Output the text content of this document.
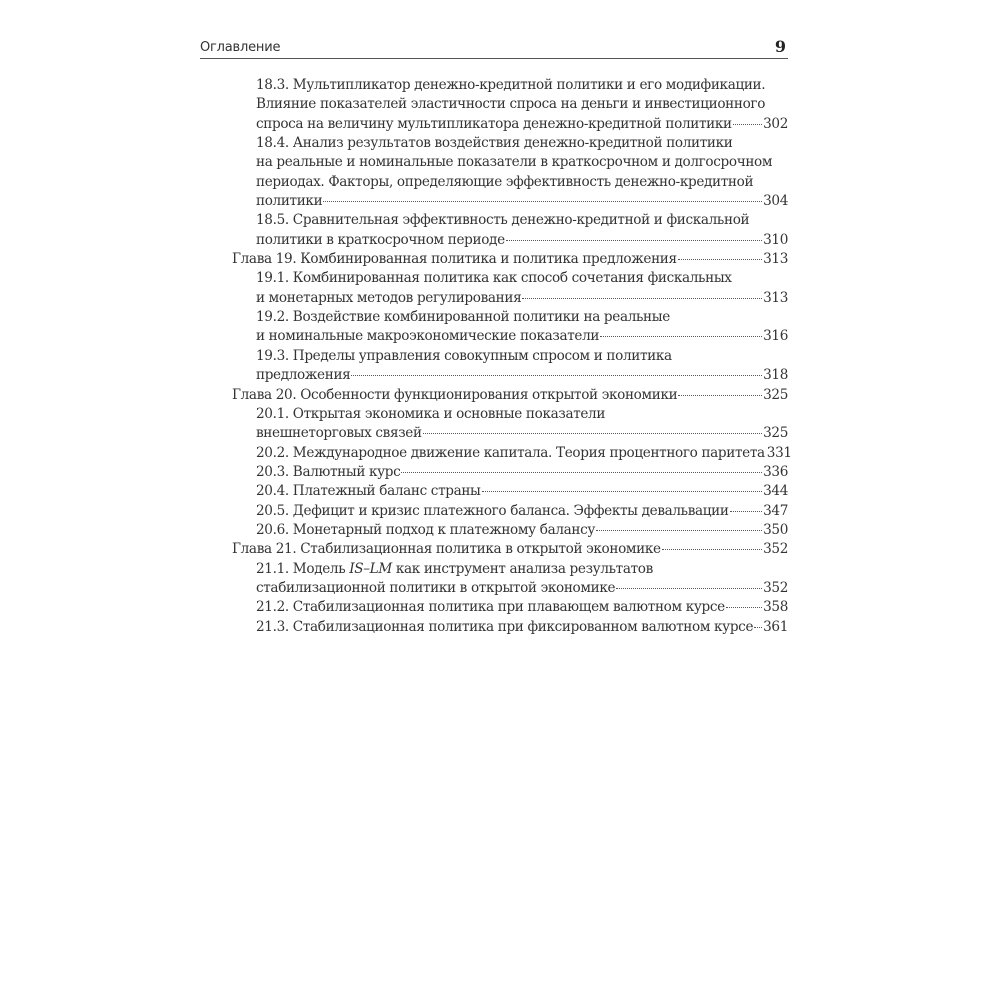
Оглавление	9
18.3. Мультипликатор денежно-кредитной политики и его модификации.
Влияние показателей эластичности спроса на деньги и инвестиционного
спроса на величину мультипликатора денежно-кредитной политики 302
18.4. Анализ результатов воздействия денежно-кредитной политики
на реальные и номинальные показатели в краткосрочном и долгосрочном
периодах. Факторы, определяющие эффективность денежно-кредитной
политики	304
18.5. Сравнительная эффективность денежно-кредитной и фискальной
политики в краткосрочном периоде	310
Глава 19. Комбинированная политика и политика предложения	313
19.1. Комбинированная политика как способ сочетания фискальных
и монетарных методов регулирования	313
19.2. Воздействие комбинированной политики на реальные
и номинальные макроэкономические показатели	316
19.3. Пределы управления совокупным спросом и политика
предложения	318
Глава 20. Особенности функционирования открытой экономики	325
20.1. Открытая экономика и основные показатели
внешнеторговых связей	325
20.2. Международное движение капитала. Теория процентного паритета 331
20.3. Валютный курс	336
20.4. Платежный баланс страны	344
20.5. Дефицит и кризис платежного баланса. Эффекты девальвации	347
20.6. Монетарный подход к платежному балансу	350
Глава 21. Стабилизационная политика в открытой экономике	352
21.1. Модель IS–LM как инструмент анализа результатов
стабилизационной политики в открытой экономике	352
21.2. Стабилизационная политика при плавающем валютном курсе	358
21.3. Стабилизационная политика при фиксированном валютном курсе 361
